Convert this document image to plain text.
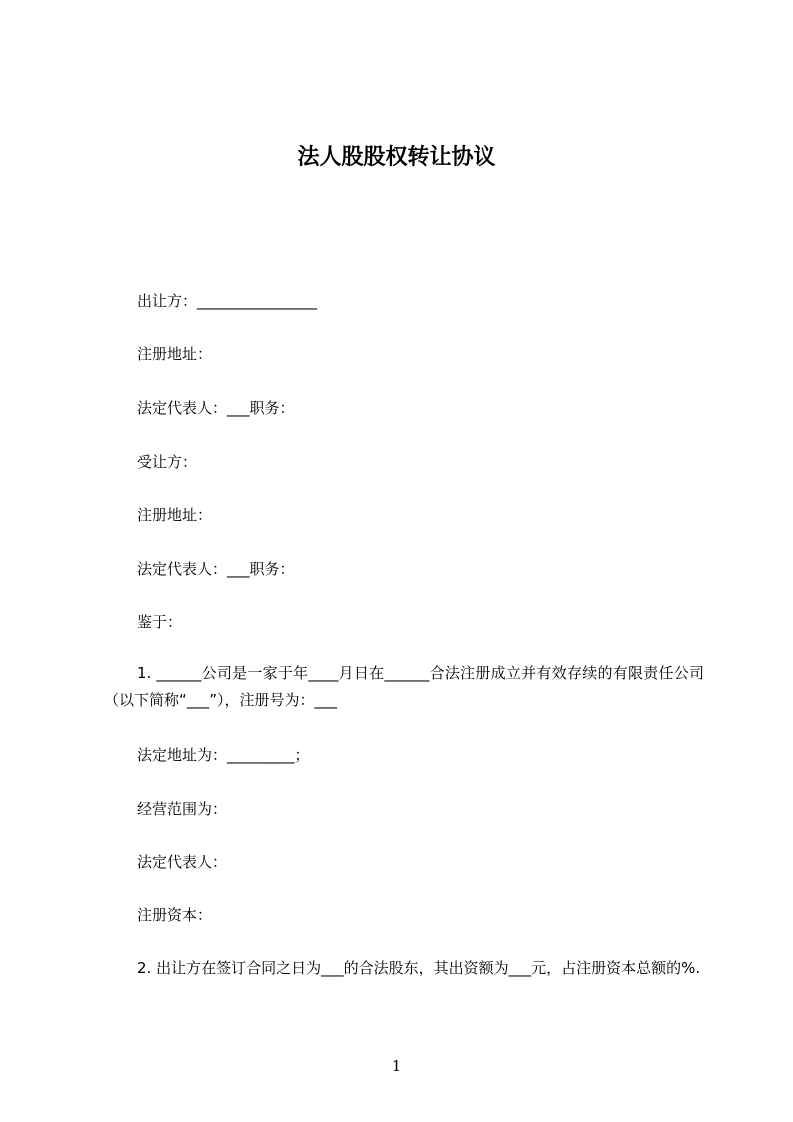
法人股股权转让协议
出让方：________________
注册地址：
法定代表人：___职务：
受让方：
注册地址：
法定代表人：___职务：
鉴于：
1. ______公司是一家于年____月日在______合法注册成立并有效存续的有限责任公司（以下简称“___”），注册号为：___
法定地址为：_________；
经营范围为：
法定代表人：
注册资本：
2. 出让方在签订合同之日为___的合法股东，其出资额为___元，占注册资本总额的%.
1
